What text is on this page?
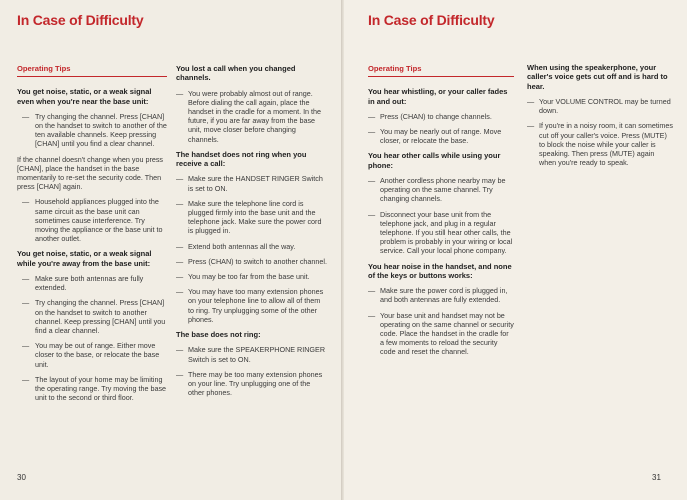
In Case of Difficulty
Operating Tips
You get noise, static, or a weak signal even when you're near the base unit:
— Try changing the channel. Press [CHAN] on the handset to switch to another of the ten available channels. Keep pressing [CHAN] until you find a clear channel.
If the channel doesn't change when you press [CHAN], place the handset in the base momentarily to re-set the security code. Then press [CHAN] again.
— Household appliances plugged into the same circuit as the base unit can sometimes cause interference. Try moving the appliance or the base unit to another outlet.
You get noise, static, or a weak signal while you're away from the base unit:
— Make sure both antennas are fully extended.
— Try changing the channel. Press [CHAN] on the handset to switch to another channel. Keep pressing [CHAN] until you find a clear channel.
— You may be out of range. Either move closer to the base, or relocate the base unit.
— The layout of your home may be limiting the operating range. Try moving the base unit to the second or third floor.
You lost a call when you changed channels.
— You were probably almost out of range. Before dialing the call again, place the handset in the cradle for a moment. In the future, if you are far away from the base unit, move closer before changing channels.
The handset does not ring when you receive a call:
— Make sure the HANDSET RINGER Switch is set to ON.
— Make sure the telephone line cord is plugged firmly into the base unit and the telephone jack. Make sure the power cord is plugged in.
— Extend both antennas all the way.
— Press (CHAN) to switch to another channel.
— You may be too far from the base unit.
— You may have too many extension phones on your telephone line to allow all of them to ring. Try unplugging some of the other phones.
The base does not ring:
— Make sure the SPEAKERPHONE RINGER Switch is set to ON.
— There may be too many extension phones on your line. Try unplugging one of the other phones.
30
In Case of Difficulty
Operating Tips
You hear whistling, or your caller fades in and out:
— Press (CHAN) to change channels.
— You may be nearly out of range. Move closer, or relocate the base.
You hear other calls while using your phone:
— Another cordless phone nearby may be operating on the same channel. Try changing channels.
— Disconnect your base unit from the telephone jack, and plug in a regular telephone. If you still hear other calls, the problem is probably in your wiring or local service. Call your local phone company.
You hear noise in the handset, and none of the keys or buttons works:
— Make sure the power cord is plugged in, and both antennas are fully extended.
— Your base unit and handset may not be operating on the same channel or security code. Place the handset in the cradle for a few moments to reload the security code and reset the channel.
When using the speakerphone, your caller's voice gets cut off and is hard to hear.
— Your VOLUME CONTROL may be turned down.
— If you're in a noisy room, it can sometimes cut off your caller's voice. Press (MUTE) to block the noise while your caller is speaking. Then press (MUTE) again when you're ready to speak.
31
